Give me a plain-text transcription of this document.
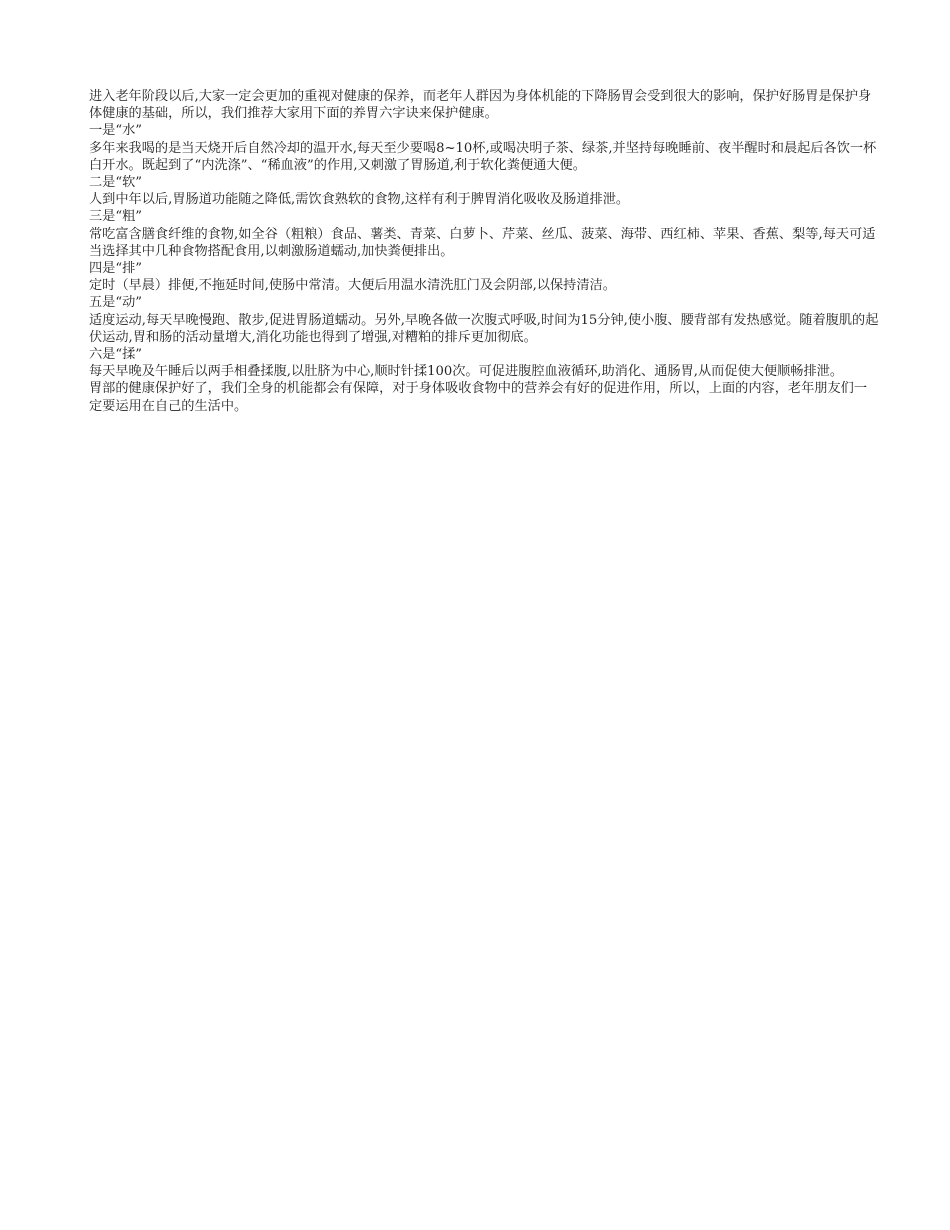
进入老年阶段以后,大家一定会更加的重视对健康的保养，而老年人群因为身体机能的下降肠胃会受到很大的影响，保护好肠胃是保护身体健康的基础，所以，我们推荐大家用下面的养胃六字诀来保护健康。

一是“水”

多年来我喝的是当天烧开后自然冷却的温开水,每天至少要喝8~10杯,或喝决明子茶、绿茶,并坚持每晚睡前、夜半醒时和晨起后各饮一杯白开水。既起到了“内洗涤”、“稀血液”的作用,又刺激了胃肠道,利于软化粪便通大便。

二是“软”

人到中年以后,胃肠道功能随之降低,需饮食熟软的食物,这样有利于脾胃消化吸收及肠道排泄。

三是“粗”

常吃富含膳食纤维的食物,如全谷（粗粮）食品、薯类、青菜、白萝卜、芹菜、丝瓜、菠菜、海带、西红柿、苹果、香蕉、梨等,每天可适当选择其中几种食物搭配食用,以刺激肠道蠕动,加快粪便排出。

四是“排”

定时（早晨）排便,不拖延时间,使肠中常清。大便后用温水清洗肛门及会阴部,以保持清洁。

五是“动”

适度运动,每天早晚慢跑、散步,促进胃肠道蠕动。另外,早晚各做一次腹式呼吸,时间为15分钟,使小腹、腰背部有发热感觉。随着腹肌的起伏运动,胃和肠的活动量增大,消化功能也得到了增强,对糟粕的排斥更加彻底。

六是“揉”

每天早晚及午睡后以两手相叠揉腹,以肚脐为中心,顺时针揉100次。可促进腹腔血液循环,助消化、通肠胃,从而促使大便顺畅排泄。

胃部的健康保护好了，我们全身的机能都会有保障，对于身体吸收食物中的营养会有好的促进作用，所以，上面的内容，老年朋友们一定要运用在自己的生活中。
